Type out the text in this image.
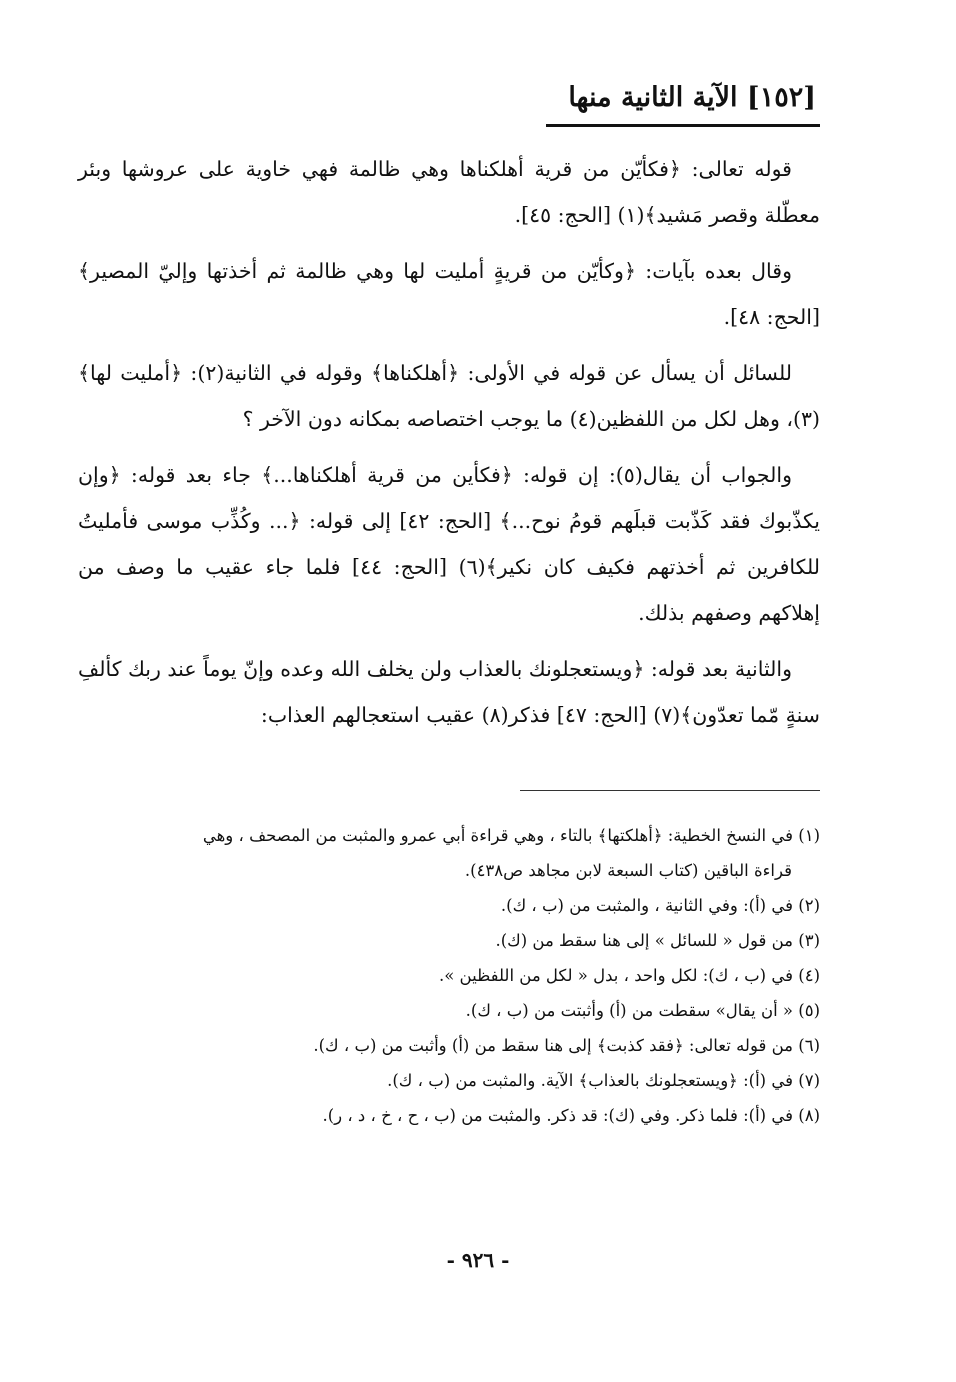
[١٥٢] الآية الثانية منها

قوله تعالى: ﴿فكأيّن من قرية أهلكناها وهي ظالمة فهي خاوية على عروشها وبئر معطّلة وقصر مَشيد﴾(١) [الحج: ٤٥].

وقال بعده بآيات: ﴿وكأيّن من قريةٍ أمليت لها وهي ظالمة ثم أخذتها وإليّ المصير﴾ [الحج: ٤٨].

للسائل أن يسأل عن قوله في الأولى: ﴿أهلكناها﴾ وقوله في الثانية(٢): ﴿أمليت لها﴾(٣)، وهل لكل من اللفظين(٤) ما يوجب اختصاصه بمكانه دون الآخر ؟

والجواب أن يقال(٥): إن قوله: ﴿فكأين من قرية أهلكناها...﴾ جاء بعد قوله: ﴿وإن يكذّبوك فقد كَذّبت قبلَهم قومُ نوح...﴾ [الحج: ٤٢] إلى قوله: ﴿... وكُذِّب موسى فأمليتُ للكافرين ثم أخذتهم فكيف كان نكير﴾(٦) [الحج: ٤٤] فلما جاء عقيب ما وصف من إهلاكهم وصفهم بذلك.

والثانية بعد قوله: ﴿ويستعجلونك بالعذاب ولن يخلف الله وعده وإنّ يوماً عند ربك كألفِ سنةٍ مّما تعدّون﴾(٧) [الحج: ٤٧] فذكر(٨) عقيب استعجالهم العذاب:

(١) في النسخ الخطية: ﴿أهلكتها﴾ بالتاء ، وهي قراءة أبي عمرو والمثبت من المصحف ، وهي

قراءة الباقين (كتاب السبعة لابن مجاهد ص٤٣٨).

(٢) في (أ): وفي الثانية ، والمثبت من (ب ، ك).

(٣) من قول « للسائل » إلى هنا سقط من (ك).

(٤) في (ب ، ك): لكل واحد ، بدل « لكل من اللفظين ».

(٥) « أن يقال» سقطت من (أ) وأثبتت من (ب ، ك).

(٦) من قوله تعالى: ﴿فقد كذبت﴾ إلى هنا سقط من (أ) وأثبت من (ب ، ك).

(٧) في (أ): ﴿ويستعجلونك بالعذاب﴾ الآية. والمثبت من (ب ، ك).

(٨) في (أ): فلما ذكر. وفي (ك): قد ذكر. والمثبت من (ب ، ح ، خ ، د ، ر).

- ٩٢٦ -
